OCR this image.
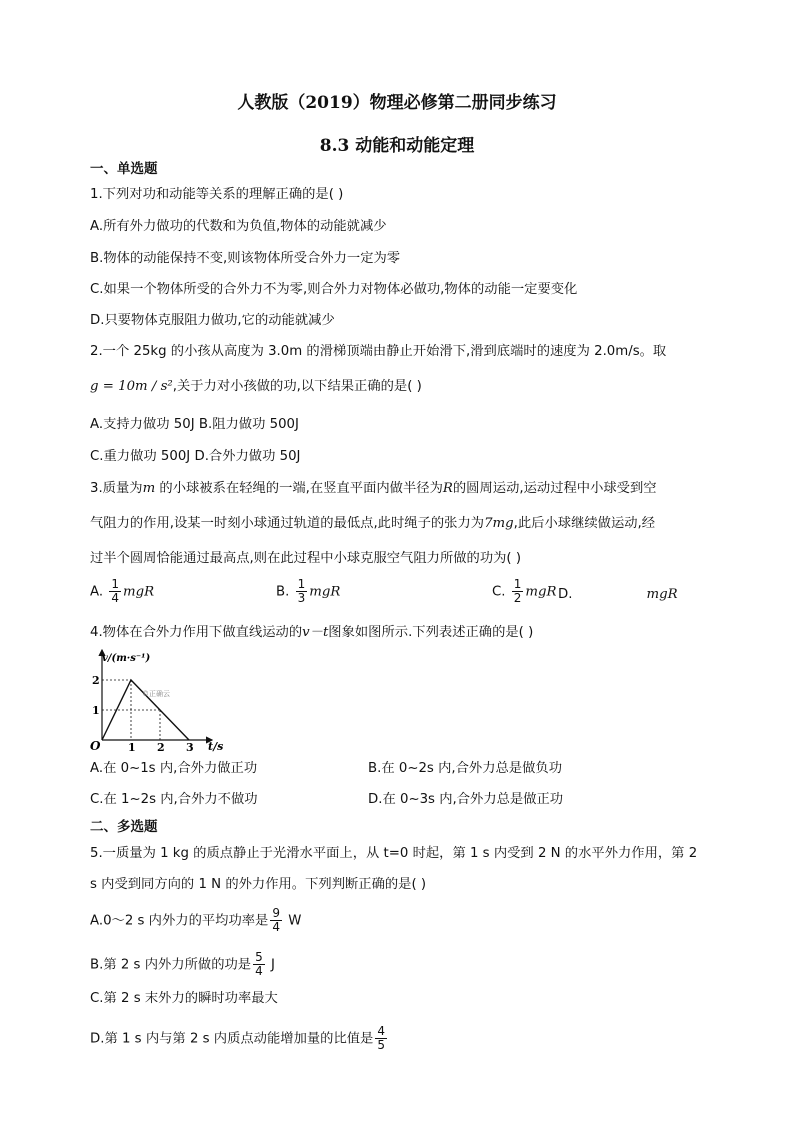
人教版（2019）物理必修第二册同步练习
8.3 动能和动能定理
一、单选题
1.下列对功和动能等关系的理解正确的是( )
A.所有外力做功的代数和为负值,物体的动能就减少
B.物体的动能保持不变,则该物体所受合外力一定为零
C.如果一个物体所受的合外力不为零,则合外力对物体必做功,物体的动能一定要变化
D.只要物体克服阻力做功,它的动能就减少
2.一个 25kg 的小孩从高度为 3.0m 的滑梯顶端由静止开始滑下,滑到底端时的速度为 2.0m/s。取
g = 10m / s²,关于力对小孩做的功,以下结果正确的是( )
A.支持力做功 50J B.阻力做功 500J
C.重力做功 500J D.合外力做功 50J
3.质量为m 的小球被系在轻绳的一端,在竖直平面内做半径为R的圆周运动,运动过程中小球受到空
气阻力的作用,设某一时刻小球通过轨道的最低点,此时绳子的张力为7mg,此后小球继续做运动,经
过半个圆周恰能通过最高点,则在此过程中小球克服空气阻力所做的功为( )
A. $\frac{1}{4}$ mgR	B. $\frac{1}{3}$ mgR	C. $\frac{1}{2}$ mgR D.	mgR
4.物体在合外力作用下做直线运动的v－t图象如图所示.下列表述正确的是( )
1 2 3
1
2
v/(m·s⁻¹)
t/s
O
©正确云
A.在 0~1s 内,合外力做正功	B.在 0~2s 内,合外力总是做负功
C.在 1~2s 内,合外力不做功	D.在 0~3s 内,合外力总是做正功
二、多选题
5.一质量为 1 kg 的质点静止于光滑水平面上，从 t=0 时起，第 1 s 内受到 2 N 的水平外力作用，第 2
s 内受到同方向的 1 N 的外力作用。下列判断正确的是( )
A.0～2 s 内外力的平均功率是 $\frac{9}{4}$ W
B.第 2 s 内外力所做的功是 $\frac{5}{4}$ J
C.第 2 s 末外力的瞬时功率最大
D.第 1 s 内与第 2 s 内质点动能增加量的比值是 $\frac{4}{5}$
